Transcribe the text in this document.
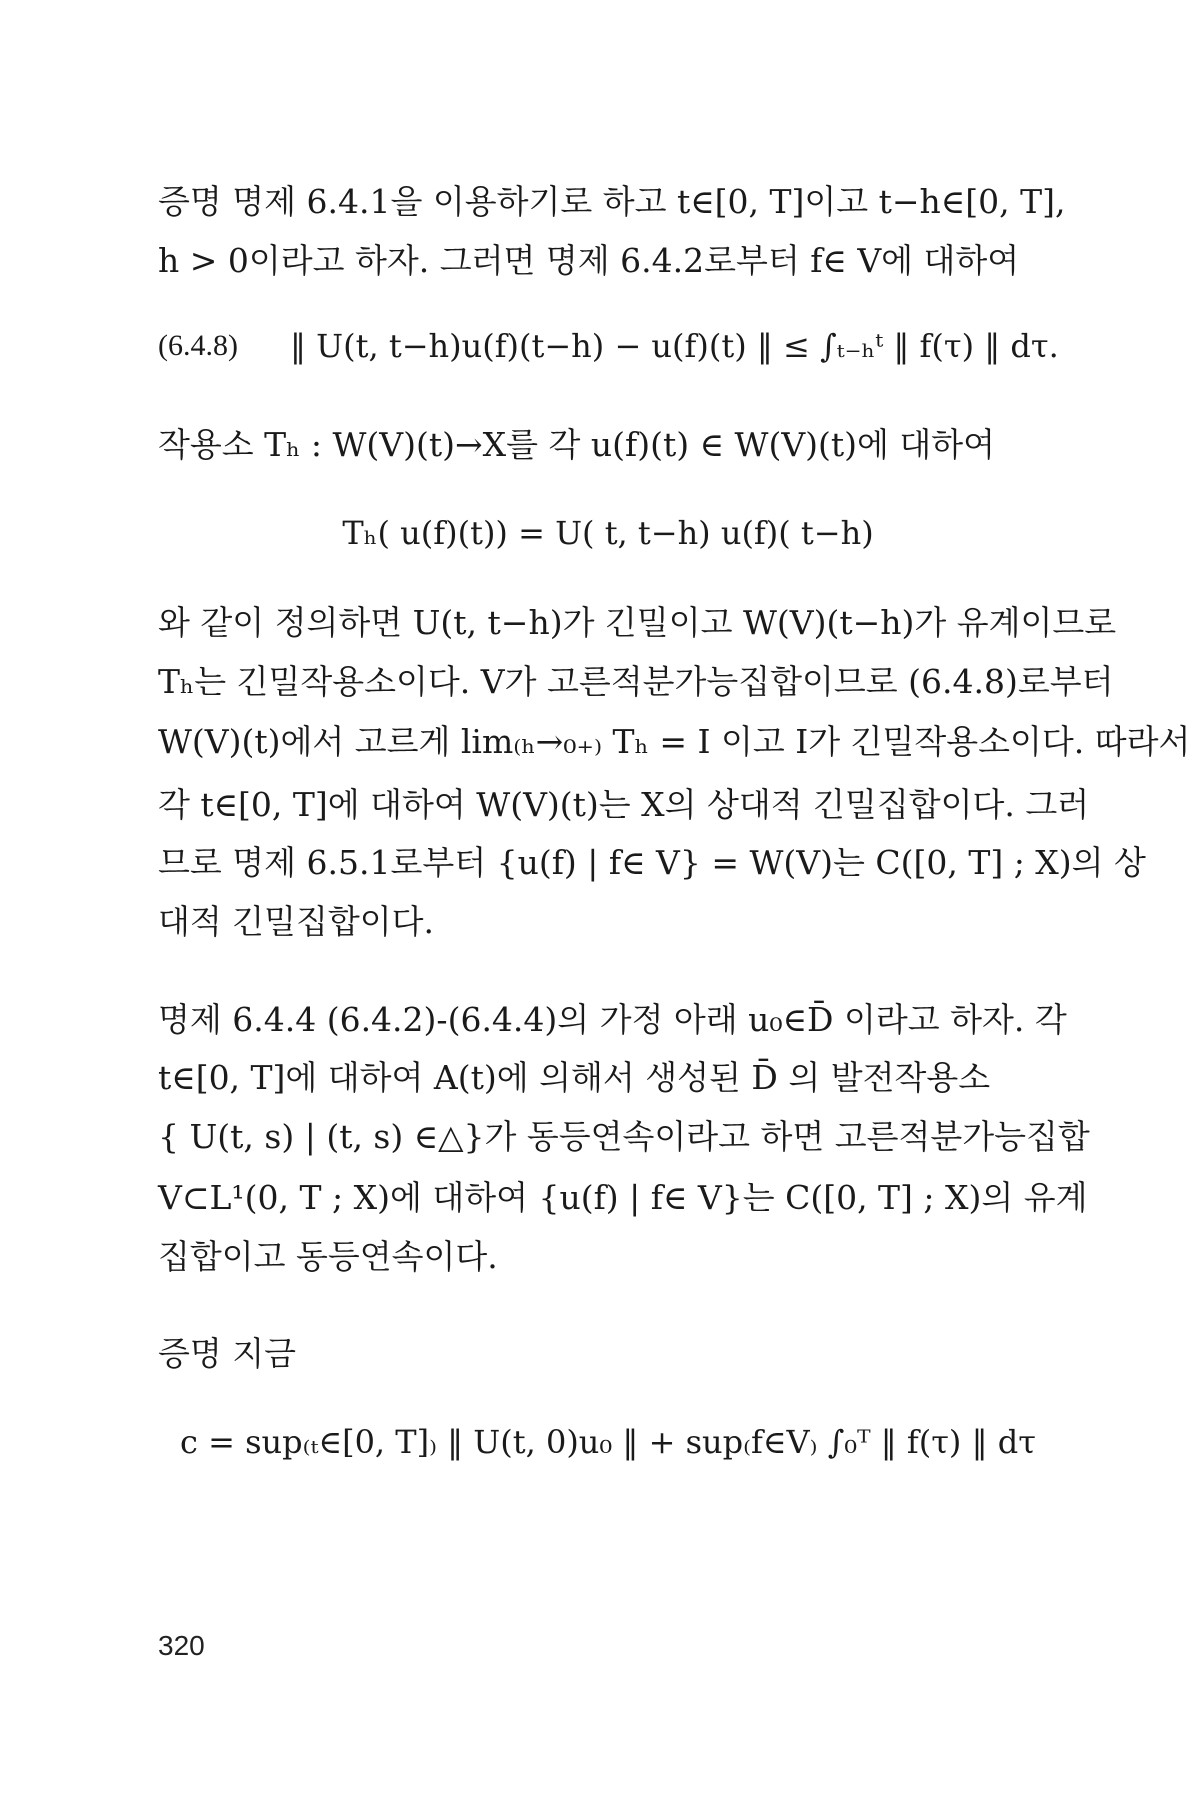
증명 명제 6.4.1을 이용하기로 하고 t∈[0, T]이고 t−h∈[0, T],
h > 0이라고 하자. 그러면 명제 6.4.2로부터 f∈ V에 대하여
(6.4.8) ‖ U(t, t−h)u(f)(t−h) − u(f)(t) ‖ ≤ ∫ₜ₋ₕᵗ ‖ f(τ) ‖ dτ.
작용소 Tₕ : W(V)(t)→X를 각 u(f)(t) ∈ W(V)(t)에 대하여
Tₕ( u(f)(t)) = U( t, t−h) u(f)( t−h)
와 같이 정의하면 U(t, t−h)가 긴밀이고 W(V)(t−h)가 유계이므로
Tₕ는 긴밀작용소이다. V가 고른적분가능집합이므로 (6.4.8)로부터
W(V)(t)에서 고르게 lim₍ₕ→₀₊₎ Tₕ = I 이고 I가 긴밀작용소이다. 따라서
각 t∈[0, T]에 대하여 W(V)(t)는 X의 상대적 긴밀집합이다. 그러
므로 명제 6.5.1로부터 {u(f) | f∈ V} = W(V)는 C([0, T] ; X)의 상
대적 긴밀집합이다.
명제 6.4.4 (6.4.2)-(6.4.4)의 가정 아래 u₀∈D̄ 이라고 하자. 각
t∈[0, T]에 대하여 A(t)에 의해서 생성된 D̄ 의 발전작용소
{ U(t, s) | (t, s) ∈△}가 동등연속이라고 하면 고른적분가능집합
V⊂L¹(0, T ; X)에 대하여 {u(f) | f∈ V}는 C([0, T] ; X)의 유계
집합이고 동등연속이다.
증명 지금
c = sup₍ₜ∈[0, T]₎ ‖ U(t, 0)u₀ ‖ + sup₍f∈V₎ ∫₀ᵀ ‖ f(τ) ‖ dτ
320
